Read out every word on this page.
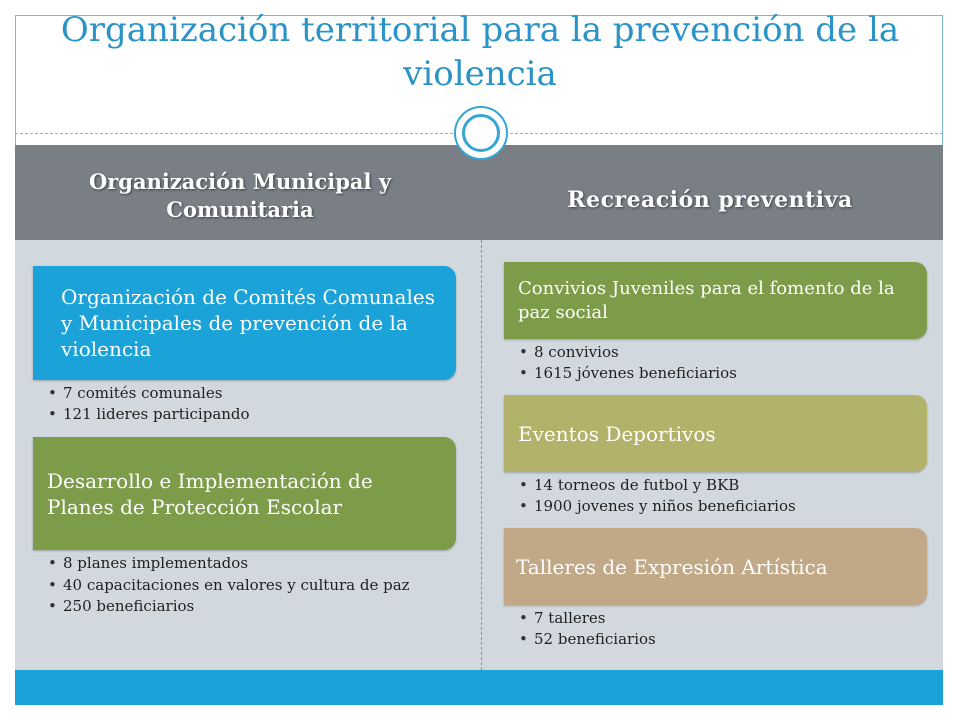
Organización territorial para la prevención de la violencia
Organización Municipal y Comunitaria	Recreación preventiva
Organización de Comités Comunales y Municipales de prevención de la violencia
• 7 comités comunales
• 121 lideres participando
Desarrollo e Implementación de Planes de Protección Escolar
• 8 planes implementados
• 40 capacitaciones en valores y cultura de paz
• 250 beneficiarios
Convivios Juveniles para el fomento de la paz social
• 8 convivios
• 1615 jóvenes beneficiarios
Eventos Deportivos
• 14 torneos de futbol y BKB
• 1900 jovenes y niños beneficiarios
Talleres de Expresión Artística
• 7 talleres
• 52 beneficiarios
